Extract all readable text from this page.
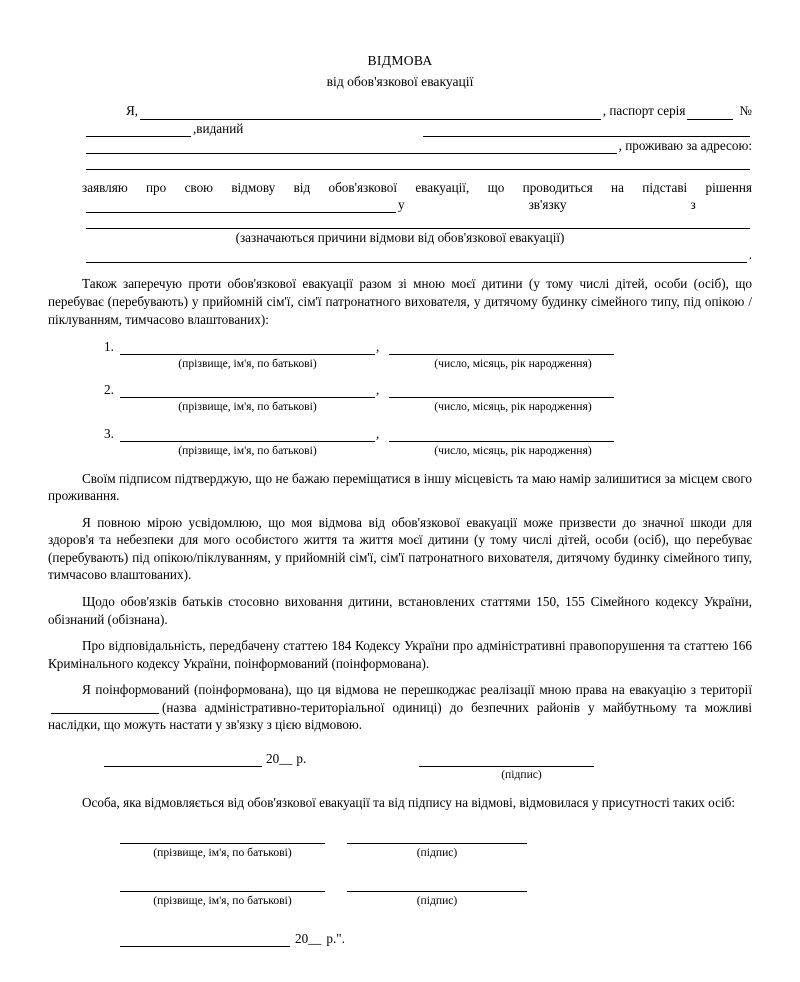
ВІДМОВА
від обов'язкової евакуації
Я,	, паспорт серія	№
,виданий
, проживаю за адресою:
заявляю про свою відмову від обов'язкової евакуації, що проводиться на підставі рішення
у	зв'язку	з
(зазначаються причини відмови від обов'язкової евакуації)
.

Також заперечую проти обов'язкової евакуації разом зі мною моєї дитини (у тому числі дітей, особи (осіб), що перебуває (перебувають) у прийомній сім'ї, сім'ї патронатного вихователя, у дитячому будинку сімейного типу, під опікою / піклуванням, тимчасово влаштованих):

1.	,
(прізвище, ім'я, по батькові)	(число, місяць, рік народження)
2.	,
(прізвище, ім'я, по батькові)	(число, місяць, рік народження)
3.	,
(прізвище, ім'я, по батькові)	(число, місяць, рік народження)

Своїм підписом підтверджую, що не бажаю переміщатися в іншу місцевість та маю намір залишитися за місцем свого проживання.

Я повною мірою усвідомлюю, що моя відмова від обов'язкової евакуації може призвести до значної шкоди для здоров'я та небезпеки для мого особистого життя та життя моєї дитини (у тому числі дітей, особи (осіб), що перебуває (перебувають) під опікою/піклуванням, у прийомній сім'ї, сім'ї патронатного вихователя, дитячому будинку сімейного типу, тимчасово влаштованих).

Щодо обов'язків батьків стосовно виховання дитини, встановлених статтями 150, 155 Сімейного кодексу України, обізнаний (обізнана).

Про відповідальність, передбачену статтею 184 Кодексу України про адміністративні правопорушення та статтею 166 Кримінального кодексу України, поінформований (поінформована).

Я поінформований (поінформована), що ця відмова не перешкоджає реалізації мною права на евакуацію з території(назва адміністративно-територіальної одиниці) до безпечних районів у майбутньому та можливі наслідки, що можуть настати у зв'язку з цією відмовою.

20__ р.
(підпис)

Особа, яка відмовляється від обов'язкової евакуації та від підпису на відмові, відмовилася у присутності таких осіб:

(прізвище, ім'я, по батькові)	(підпис)
(прізвище, ім'я, по батькові)	(підпис)
20__ р.".
